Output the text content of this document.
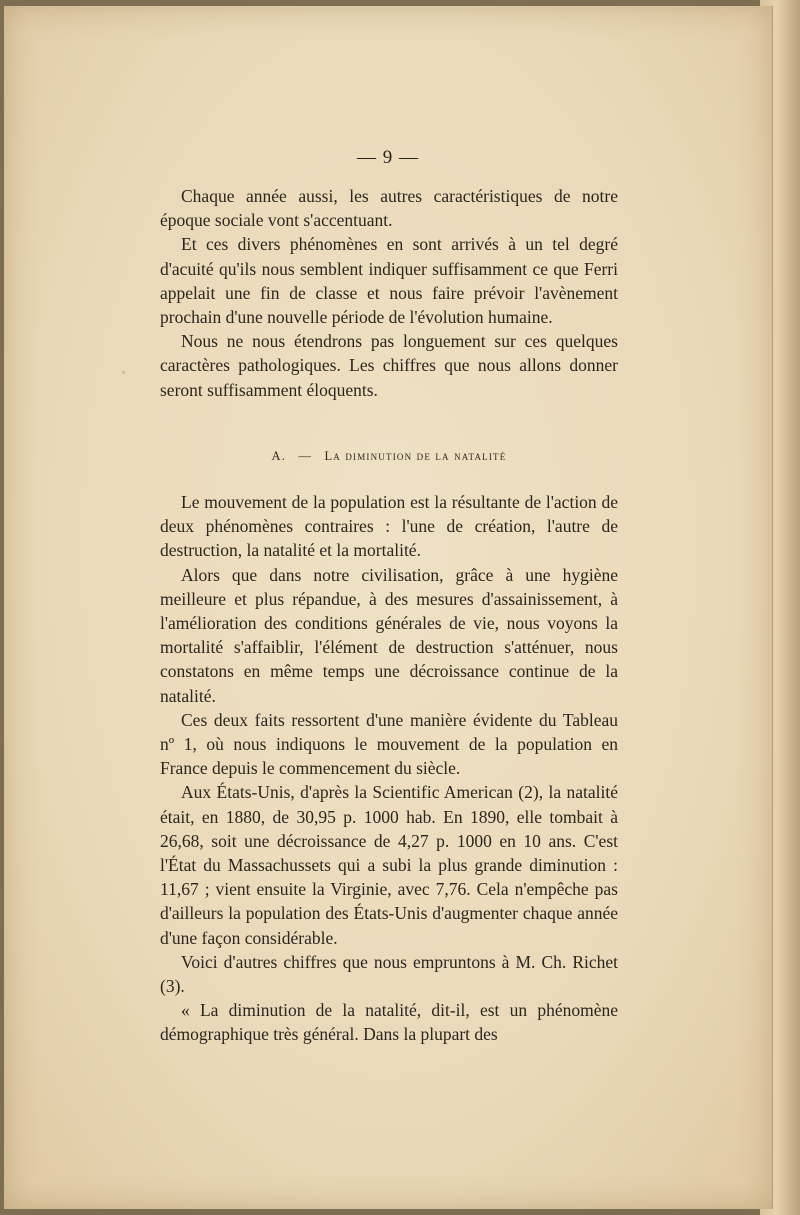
— 9 —

Chaque année aussi, les autres caractéristiques de notre époque sociale vont s'accentuant.

Et ces divers phénomènes en sont arrivés à un tel degré d'acuité qu'ils nous semblent indiquer suffisamment ce que Ferri appelait une fin de classe et nous faire prévoir l'avènement prochain d'une nouvelle période de l'évolution humaine.

Nous ne nous étendrons pas longuement sur ces quelques caractères pathologiques. Les chiffres que nous allons donner seront suffisamment éloquents.

A. — La diminution de la natalité

Le mouvement de la population est la résultante de l'action de deux phénomènes contraires : l'une de création, l'autre de destruction, la natalité et la mortalité.

Alors que dans notre civilisation, grâce à une hygiène meilleure et plus répandue, à des mesures d'assainissement, à l'amélioration des conditions générales de vie, nous voyons la mortalité s'affaiblir, l'élément de destruction s'atténuer, nous constatons en même temps une décroissance continue de la natalité.

Ces deux faits ressortent d'une manière évidente du Tableau nº 1, où nous indiquons le mouvement de la population en France depuis le commencement du siècle.

Aux États-Unis, d'après la Scientific American (2), la natalité était, en 1880, de 30,95 p. 1000 hab. En 1890, elle tombait à 26,68, soit une décroissance de 4,27 p. 1000 en 10 ans. C'est l'État du Massachussets qui a subi la plus grande diminution : 11,67 ; vient ensuite la Virginie, avec 7,76. Cela n'empêche pas d'ailleurs la population des États-Unis d'augmenter chaque année d'une façon considérable.

Voici d'autres chiffres que nous empruntons à M. Ch. Richet (3).

« La diminution de la natalité, dit-il, est un phénomène démographique très général. Dans la plupart des
